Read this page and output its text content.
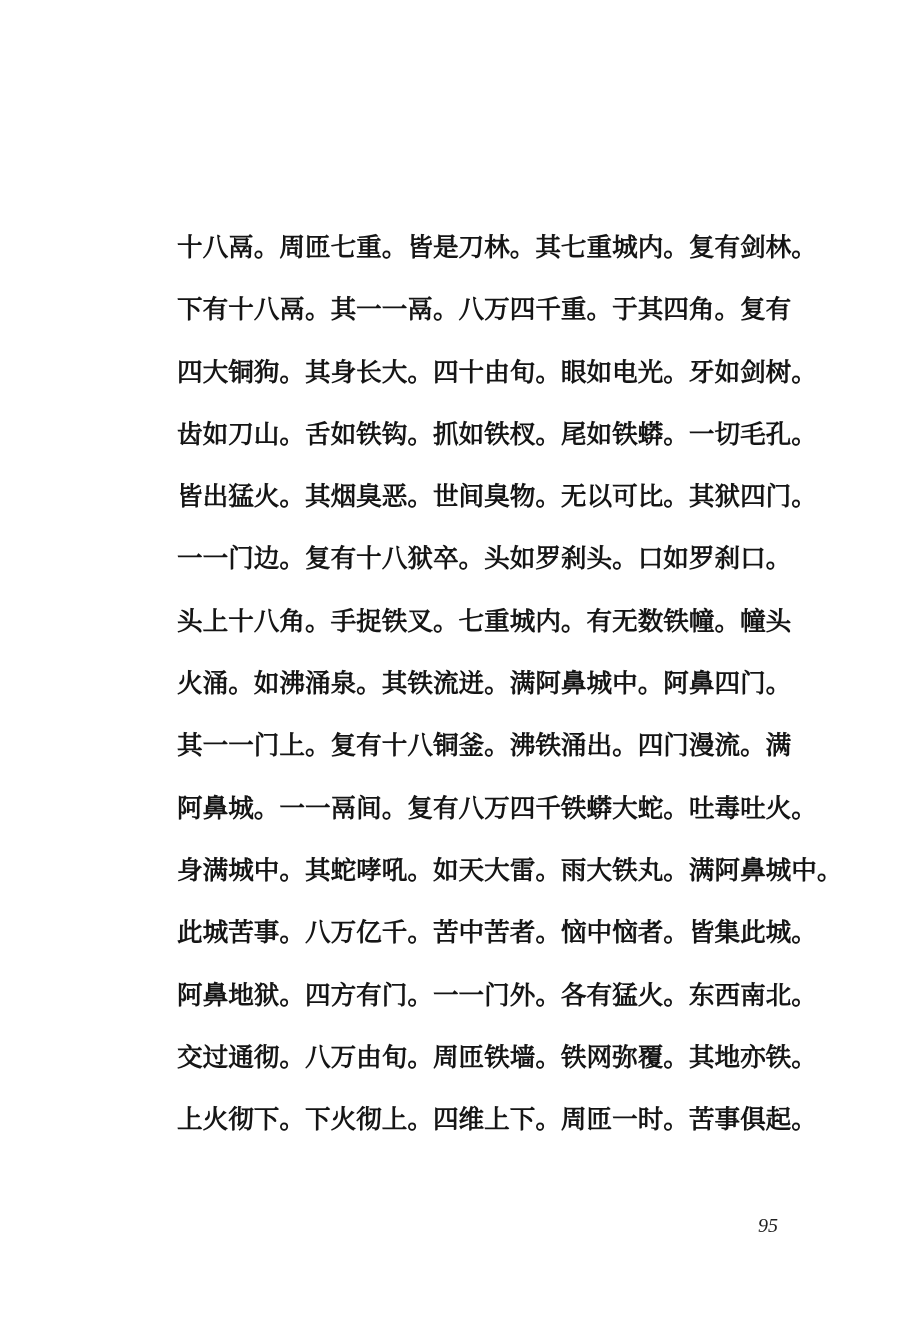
十八鬲。周匝七重。皆是刀林。其七重城内。复有剑林。
下有十八鬲。其一一鬲。八万四千重。于其四角。复有
四大铜狗。其身长大。四十由旬。眼如电光。牙如剑树。
齿如刀山。舌如铁钩。抓如铁杈。尾如铁蟒。一切毛孔。
皆出猛火。其烟臭恶。世间臭物。无以可比。其狱四门。
一一门边。复有十八狱卒。头如罗刹头。口如罗刹口。
头上十八角。手捉铁叉。七重城内。有无数铁幢。幢头
火涌。如沸涌泉。其铁流迸。满阿鼻城中。阿鼻四门。
其一一门上。复有十八铜釜。沸铁涌出。四门漫流。满
阿鼻城。一一鬲间。复有八万四千铁蟒大蛇。吐毒吐火。
身满城中。其蛇哮吼。如天大雷。雨大铁丸。满阿鼻城中。
此城苦事。八万亿千。苦中苦者。恼中恼者。皆集此城。
阿鼻地狱。四方有门。一一门外。各有猛火。东西南北。
交过通彻。八万由旬。周匝铁墙。铁网弥覆。其地亦铁。
上火彻下。下火彻上。四维上下。周匝一时。苦事俱起。
95
